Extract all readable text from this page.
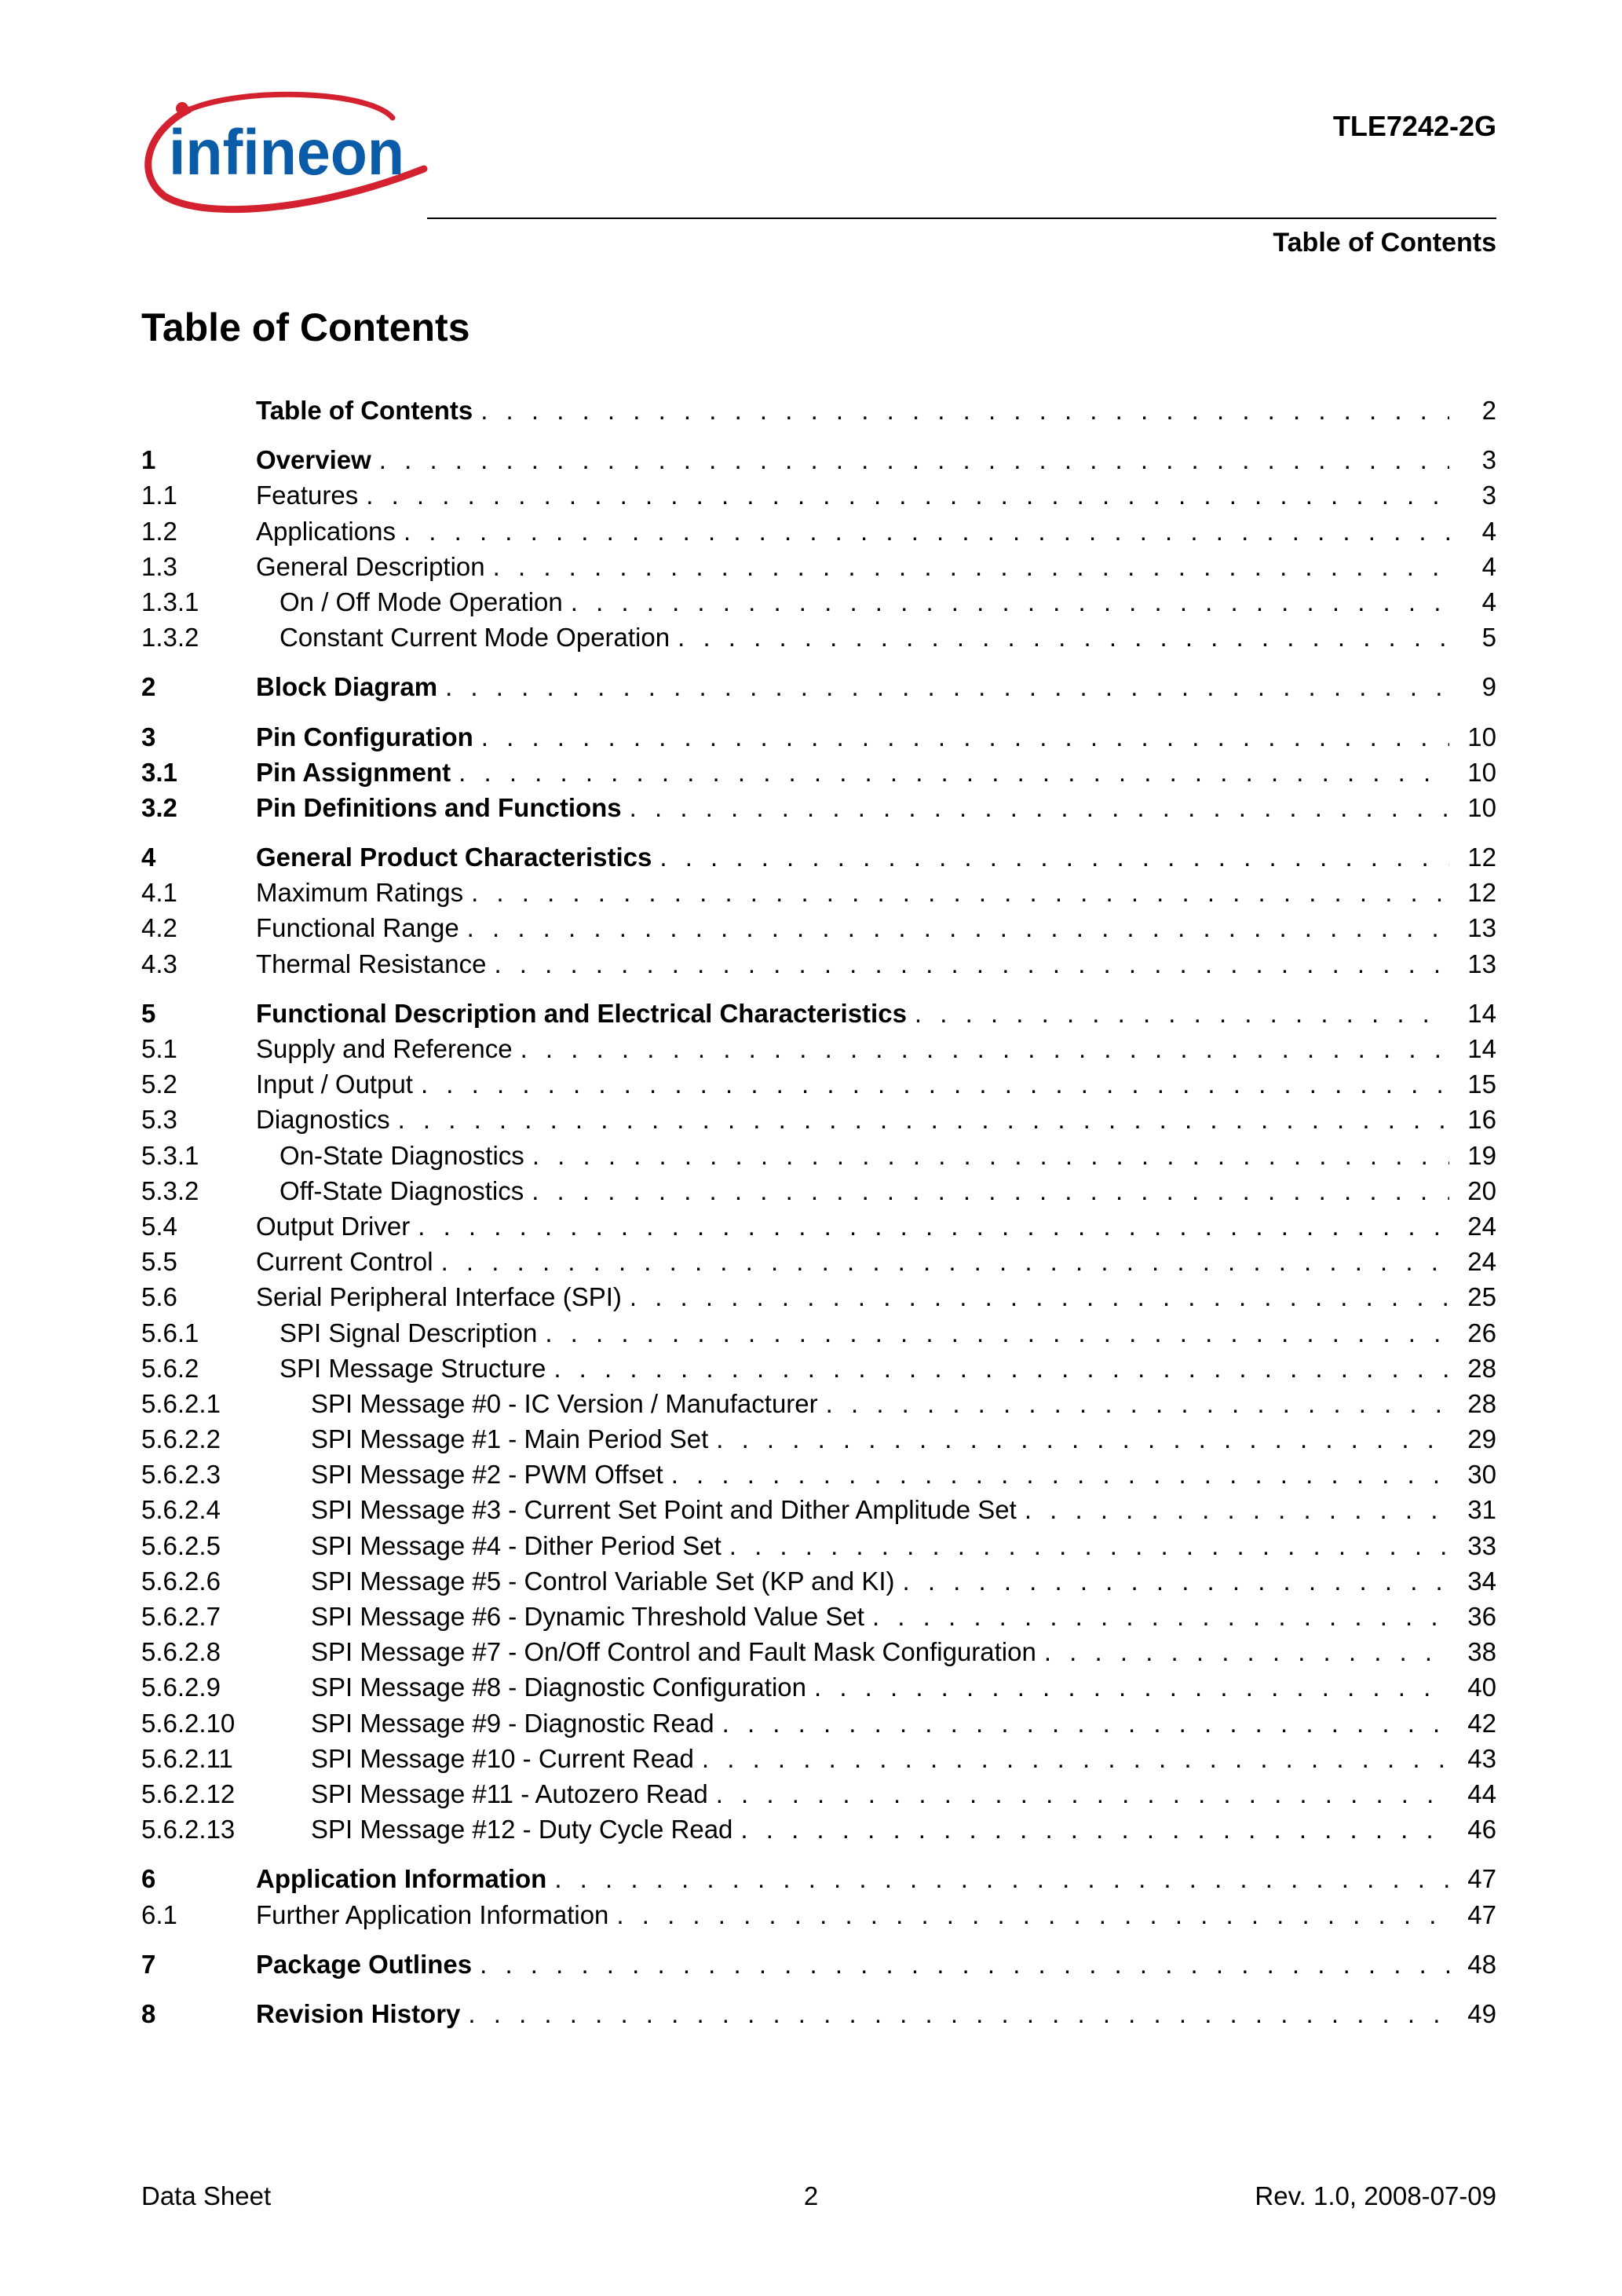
infineon	TLE7242-2G
Table of Contents
Table of Contents
Table of Contents . . .	2
1	Overview . . .	3
1.1	Features . . .	3
1.2	Applications . . .	4
1.3	General Description . . .	4
1.3.1	On / Off Mode Operation . . .	4
1.3.2	Constant Current Mode Operation . . .	5
2	Block Diagram . . .	9
3	Pin Configuration . . .	10
3.1	Pin Assignment . . .	10
3.2	Pin Definitions and Functions . . .	10
4	General Product Characteristics . . .	12
4.1	Maximum Ratings . . .	12
4.2	Functional Range . . .	13
4.3	Thermal Resistance . . .	13
5	Functional Description and Electrical Characteristics . . .	14
5.1	Supply and Reference . . .	14
5.2	Input / Output . . .	15
5.3	Diagnostics . . .	16
5.3.1	On-State Diagnostics . . .	19
5.3.2	Off-State Diagnostics . . .	20
5.4	Output Driver . . .	24
5.5	Current Control . . .	24
5.6	Serial Peripheral Interface (SPI) . . .	25
5.6.1	SPI Signal Description . . .	26
5.6.2	SPI Message Structure . . .	28
5.6.2.1	SPI Message #0 - IC Version / Manufacturer . . .	28
5.6.2.2	SPI Message #1 - Main Period Set . . .	29
5.6.2.3	SPI Message #2 - PWM Offset . . .	30
5.6.2.4	SPI Message #3 - Current Set Point and Dither Amplitude Set . . .	31
5.6.2.5	SPI Message #4 - Dither Period Set . . .	33
5.6.2.6	SPI Message #5 - Control Variable Set (KP and KI) . . .	34
5.6.2.7	SPI Message #6 - Dynamic Threshold Value Set . . .	36
5.6.2.8	SPI Message #7 - On/Off Control and Fault Mask Configuration . . .	38
5.6.2.9	SPI Message #8 - Diagnostic Configuration . . .	40
5.6.2.10	SPI Message #9 - Diagnostic Read . . .	42
5.6.2.11	SPI Message #10 - Current Read . . .	43
5.6.2.12	SPI Message #11 - Autozero Read . . .	44
5.6.2.13	SPI Message #12 - Duty Cycle Read . . .	46
6	Application Information . . .	47
6.1	Further Application Information . . .	47
7	Package Outlines . . .	48
8	Revision History . . .	49
Data Sheet	2	Rev. 1.0, 2008-07-09
